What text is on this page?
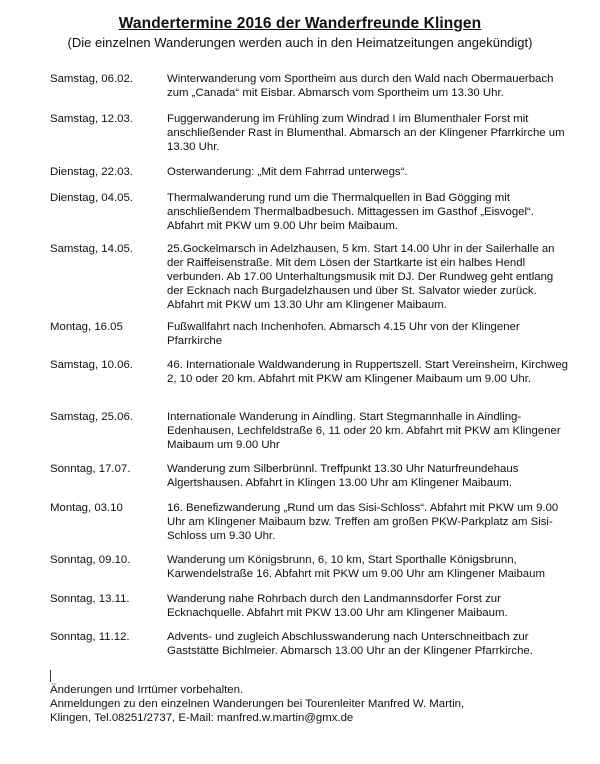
Wandertermine 2016 der Wanderfreunde Klingen
(Die einzelnen Wanderungen werden auch in den Heimatzeitungen angekündigt)
Samstag, 06.02.	Winterwanderung vom Sportheim aus durch den Wald nach Obermauerbach zum „Canada“ mit Eisbar. Abmarsch vom Sportheim um 13.30 Uhr.
Samstag, 12.03.	Fuggerwanderung im Frühling zum Windrad I im Blumenthaler Forst mit anschließender Rast in Blumenthal. Abmarsch an der Klingener Pfarrkirche um 13.30 Uhr.
Dienstag, 22.03.	Osterwanderung: „Mit dem Fahrrad unterwegs“.
Dienstag, 04.05.	Thermalwanderung rund um die Thermalquellen in Bad Gögging mit anschließendem Thermalbadbesuch. Mittagessen im Gasthof „Eisvogel“. Abfahrt mit PKW um 9.00 Uhr beim Maibaum.
Samstag, 14.05.	25.Gockelmarsch in Adelzhausen, 5 km. Start 14.00 Uhr in der Sailerhalle an der Raiffeisenstraße. Mit dem Lösen der Startkarte ist ein halbes Hendl verbunden. Ab 17.00 Unterhaltungsmusik mit DJ. Der Rundweg geht entlang der Ecknach nach Burgadelzhausen und über St. Salvator wieder zurück. Abfahrt mit PKW um 13.30 Uhr am Klingener Maibaum.
Montag, 16.05	Fußwallfahrt nach Inchenhofen. Abmarsch 4.15 Uhr von der Klingener Pfarrkirche
Samstag, 10.06.	46. Internationale Waldwanderung in Ruppertszell. Start Vereinsheim, Kirchweg 2, 10 oder 20 km. Abfahrt mit PKW am Klingener Maibaum um 9.00 Uhr.
Samstag, 25.06.	Internationale Wanderung in Aindling. Start Stegmannhalle in Aindling-Edenhausen, Lechfeldstraße 6, 11 oder 20 km. Abfahrt mit PKW am Klingener Maibaum um 9.00 Uhr
Sonntag, 17.07.	Wanderung zum Silberbrünnl. Treffpunkt 13.30 Uhr Naturfreundehaus Algertshausen. Abfahrt in Klingen 13.00 Uhr am Klingener Maibaum.
Montag, 03.10	16. Benefizwanderung „Rund um das Sisi-Schloss“. Abfahrt mit PKW um 9.00 Uhr am Klingener Maibaum bzw. Treffen am großen PKW-Parkplatz am Sisi-Schloss um 9.30 Uhr.
Sonntag, 09.10.	Wanderung um Königsbrunn, 6, 10 km, Start Sporthalle Königsbrunn, Karwendelstraße 16. Abfahrt mit PKW um 9.00 Uhr am Klingener Maibaum
Sonntag, 13.11.	Wanderung nahe Rohrbach durch den Landmannsdorfer Forst zur Ecknachquelle. Abfahrt mit PKW 13.00 Uhr am Klingener Maibaum.
Sonntag, 11.12.	Advents- und zugleich Abschlusswanderung nach Unterschneitbach zur Gaststätte Bichlmeier. Abmarsch 13.00 Uhr an der Klingener Pfarrkirche.
Änderungen und Irrtümer vorbehalten.
Anmeldungen zu den einzelnen Wanderungen bei Tourenleiter Manfred W. Martin,
Klingen, Tel.08251/2737, E-Mail: manfred.w.martin@gmx.de
